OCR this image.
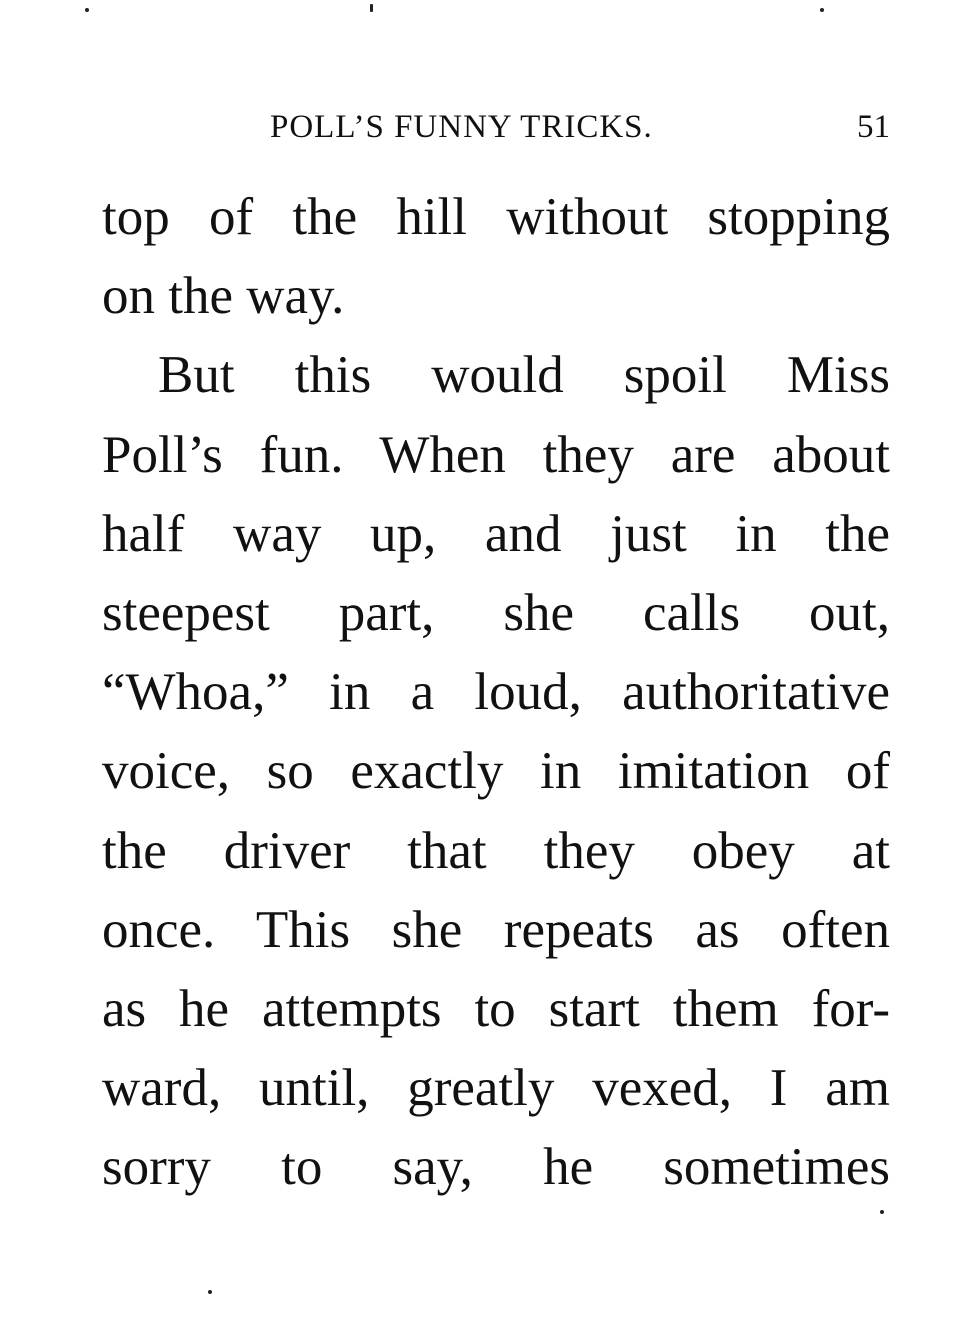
POLL’S FUNNY TRICKS.	51
top of the hill without stopping
on the way.
But this would spoil Miss
Poll’s fun. When they are about
half way up, and just in the
steepest part, she calls out,
“Whoa,” in a loud, authoritative
voice, so exactly in imitation of
the driver that they obey at
once. This she repeats as often
as he attempts to start them for-
ward, until, greatly vexed, I am
sorry to say, he sometimes
